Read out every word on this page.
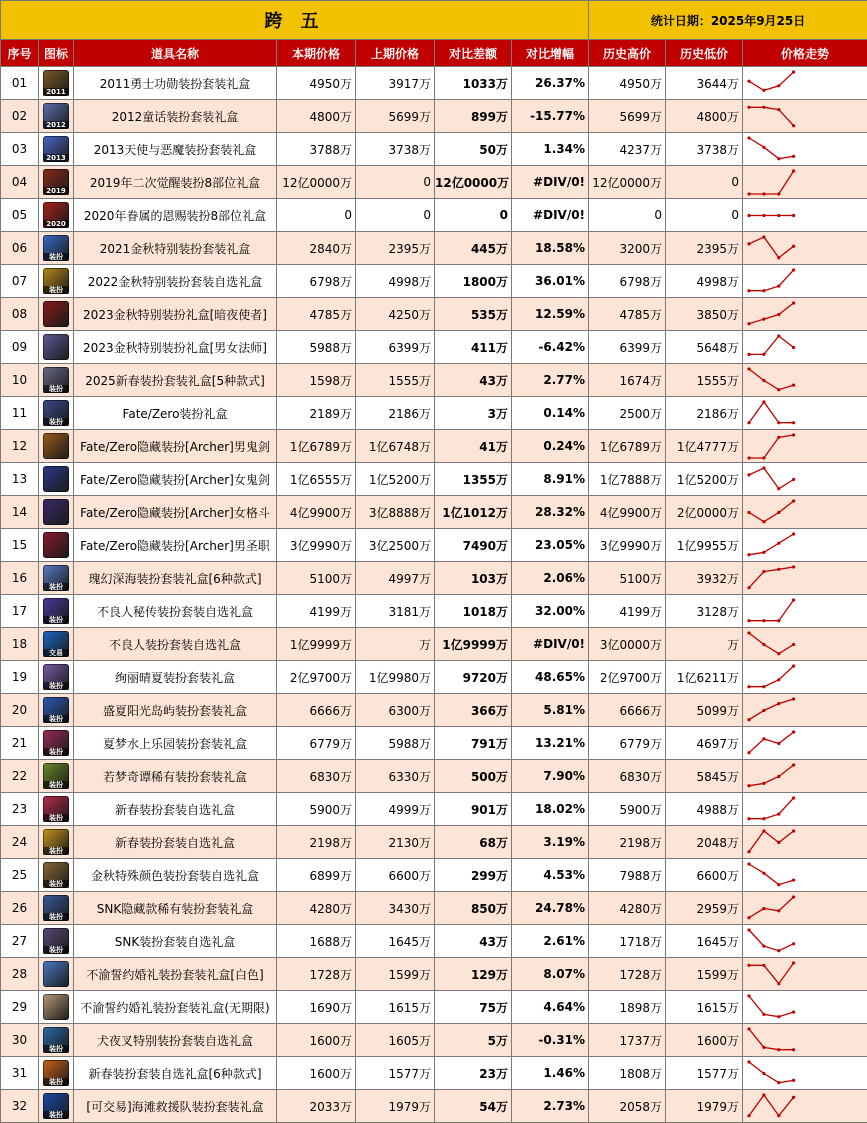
跨 五							统计日期：2025年9月25日		
序号	图标	道具名称	本期价格	上期价格	对比差额	对比增幅	历史高价	历史低价	价格走势
01	2011	2011勇士功勋装扮套装礼盒	4950万	3917万	1033万	26.37%	4950万	3644万	

02	2012	2012童话装扮套装礼盒	4800万	5699万	899万	-15.77%	5699万	4800万	

03	2013	2013天使与恶魔装扮套装礼盒	3788万	3738万	50万	1.34%	4237万	3738万	

04	2019	2019年二次觉醒装扮8部位礼盒	12亿0000万	0	12亿0000万	#DIV/0!	12亿0000万	0	

05	2020	2020年眷属的恩赐装扮8部位礼盒	0	0	0	#DIV/0!	0	0	

06	装扮	2021金秋特别装扮套装礼盒	2840万	2395万	445万	18.58%	3200万	2395万	

07	装扮	2022金秋特别装扮套装自选礼盒	6798万	4998万	1800万	36.01%	6798万	4998万	

08		2023金秋特别装扮礼盒[暗夜使者]	4785万	4250万	535万	12.59%	4785万	3850万	

09		2023金秋特别装扮礼盒[男女法师]	5988万	6399万	411万	-6.42%	6399万	5648万	

10	装扮	2025新春装扮套装礼盒[5种款式]	1598万	1555万	43万	2.77%	1674万	1555万	

11	装扮	Fate/Zero装扮礼盒	2189万	2186万	3万	0.14%	2500万	2186万	

12		Fate/Zero隐藏装扮[Archer]男鬼剑	1亿6789万	1亿6748万	41万	0.24%	1亿6789万	1亿4777万	

13		Fate/Zero隐藏装扮[Archer]女鬼剑	1亿6555万	1亿5200万	1355万	8.91%	1亿7888万	1亿5200万	

14		Fate/Zero隐藏装扮[Archer]女格斗	4亿9900万	3亿8888万	1亿1012万	28.32%	4亿9900万	2亿0000万	

15		Fate/Zero隐藏装扮[Archer]男圣职	3亿9990万	3亿2500万	7490万	23.05%	3亿9990万	1亿9955万	

16	装扮	瑰幻深海装扮套装礼盒[6种款式]	5100万	4997万	103万	2.06%	5100万	3932万	

17	装扮	不良人秘传装扮套装自选礼盒	4199万	3181万	1018万	32.00%	4199万	3128万	

18	交易	不良人装扮套装自选礼盒	1亿9999万	万	1亿9999万	#DIV/0!	3亿0000万	万	

19	装扮	绚丽晴夏装扮套装礼盒	2亿9700万	1亿9980万	9720万	48.65%	2亿9700万	1亿6211万	

20	装扮	盛夏阳光岛屿装扮套装礼盒	6666万	6300万	366万	5.81%	6666万	5099万	

21	装扮	夏梦水上乐园装扮套装礼盒	6779万	5988万	791万	13.21%	6779万	4697万	

22	装扮	若梦奇谭稀有装扮套装礼盒	6830万	6330万	500万	7.90%	6830万	5845万	

23	装扮	新春装扮套装自选礼盒	5900万	4999万	901万	18.02%	5900万	4988万	

24	装扮	新春装扮套装自选礼盒	2198万	2130万	68万	3.19%	2198万	2048万	

25	装扮	金秋特殊颜色装扮套装自选礼盒	6899万	6600万	299万	4.53%	7988万	6600万	

26	装扮	SNK隐藏款稀有装扮套装礼盒	4280万	3430万	850万	24.78%	4280万	2959万	

27	装扮	SNK装扮套装自选礼盒	1688万	1645万	43万	2.61%	1718万	1645万	

28		不渝誓约婚礼装扮套装礼盒[白色]	1728万	1599万	129万	8.07%	1728万	1599万	

29		不渝誓约婚礼装扮套装礼盒(无期限)	1690万	1615万	75万	4.64%	1898万	1615万	

30	装扮	犬夜叉特别装扮套装自选礼盒	1600万	1605万	5万	-0.31%	1737万	1600万	

31	装扮	新春装扮套装自选礼盒[6种款式]	1600万	1577万	23万	1.46%	1808万	1577万	

32	装扮	[可交易]海滩救援队装扮套装礼盒	2033万	1979万	54万	2.73%	2058万	1979万	
